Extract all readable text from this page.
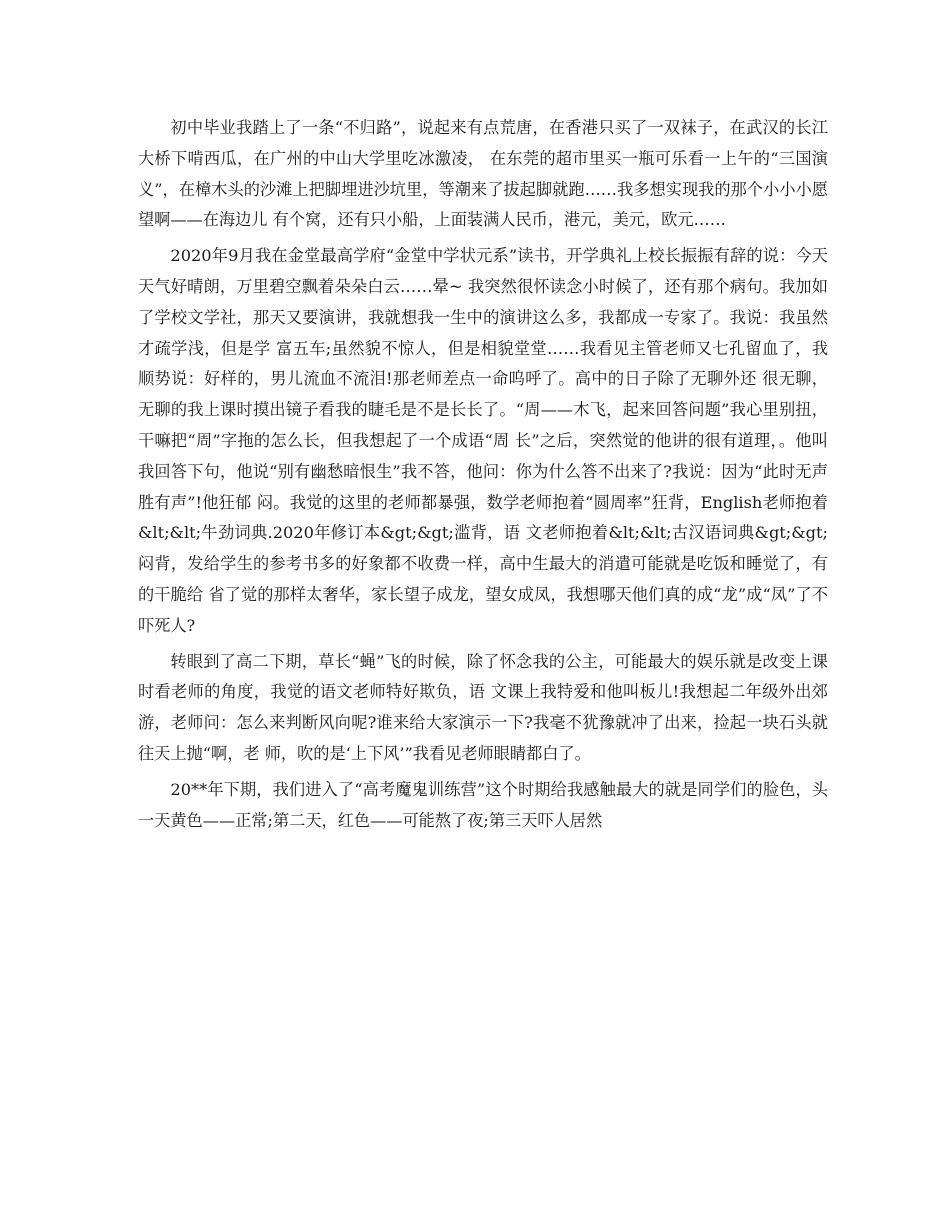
初中毕业我踏上了一条“不归路”，说起来有点荒唐，在香港只买了一双袜子，在武汉的长江大桥下啃西瓜，在广州的中山大学里吃冰激凌， 在东莞的超市里买一瓶可乐看一上午的“三国演义”，在樟木头的沙滩上把脚埋进沙坑里，等潮来了拔起脚就跑……我多想实现我的那个小小小愿望啊——在海边儿 有个窝，还有只小船，上面装满人民币，港元，美元，欧元……

2020年9月我在金堂最高学府“金堂中学状元系”读书，开学典礼上校长振振有辞的说：今天天气好晴朗，万里碧空飘着朵朵白云……晕~ 我突然很怀读念小时候了，还有那个病句。我加如了学校文学社，那天又要演讲，我就想我一生中的演讲这么多，我都成一专家了。我说：我虽然才疏学浅，但是学 富五车;虽然貌不惊人，但是相貌堂堂……我看见主管老师又七孔留血了，我顺势说：好样的，男儿流血不流泪!那老师差点一命呜呼了。高中的日子除了无聊外还 很无聊，无聊的我上课时摸出镜子看我的睫毛是不是长长了。“周——木飞，起来回答问题”我心里别扭，干嘛把“周”字拖的怎么长，但我想起了一个成语“周 长”之后，突然觉的他讲的很有道理，。他叫我回答下句，他说“别有幽愁暗恨生”我不答，他问：你为什么答不出来了?我说：因为“此时无声胜有声”!他狂郁 闷。我觉的这里的老师都暴强，数学老师抱着“圆周率”狂背，English老师抱着&lt;&lt;牛劲词典.2020年修订本&gt;&gt;滥背，语 文老师抱着&lt;&lt;古汉语词典&gt;&gt;闷背，发给学生的参考书多的好象都不收费一样，高中生最大的消遣可能就是吃饭和睡觉了，有的干脆给 省了觉的那样太奢华，家长望子成龙，望女成凤，我想哪天他们真的成“龙”成“凤”了不吓死人?

转眼到了高二下期，草长“蝇”飞的时候，除了怀念我的公主，可能最大的娱乐就是改变上课时看老师的角度，我觉的语文老师特好欺负，语 文课上我特爱和他叫板儿!我想起二年级外出郊游，老师问：怎么来判断风向呢?谁来给大家演示一下?我毫不犹豫就冲了出来，捡起一块石头就往天上抛“啊，老 师，吹的是‘上下风’”我看见老师眼睛都白了。

20**年下期，我们进入了“高考魔鬼训练营”这个时期给我感触最大的就是同学们的脸色，头一天黄色——正常;第二天，红色——可能熬了夜;第三天吓人居然
